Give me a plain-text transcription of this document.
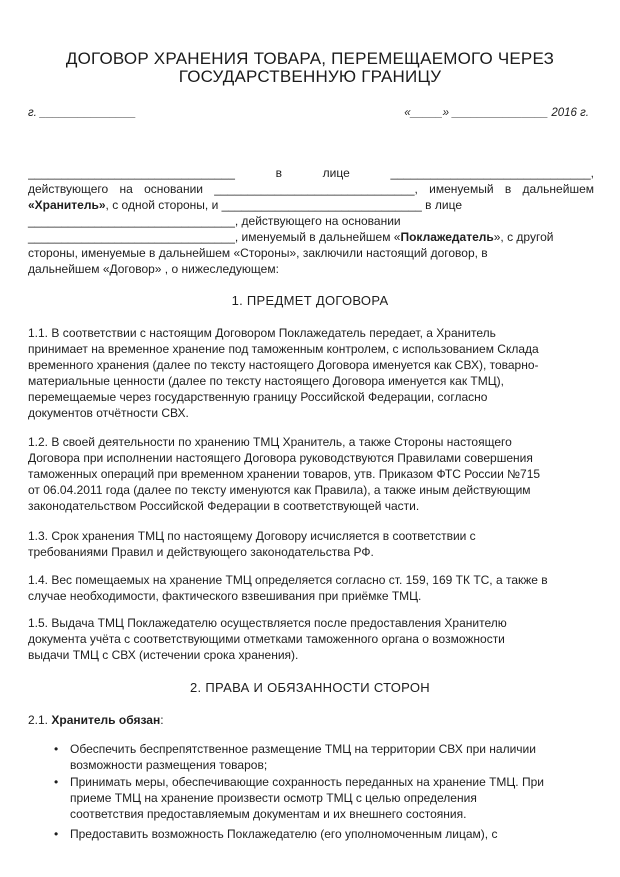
ДОГОВОР ХРАНЕНИЯ ТОВАРА, ПЕРЕМЕЩАЕМОГО ЧЕРЕЗ
ГОСУДАРСТВЕННУЮ ГРАНИЦУ
г. _______________	«_____» _______________ 2016 г.
_______________________________ в лице ______________________________,
действующего на основании ______________________________, именуемый в дальнейшем
«Хранитель», с одной стороны, и ______________________________ в лице
_______________________________, действующего на основании
_______________________________, именуемый в дальнейшем «Поклажедатель», с другой
стороны, именуемые в дальнейшем «Стороны», заключили настоящий договор, в
дальнейшем «Договор» , о нижеследующем:
1. ПРЕДМЕТ ДОГОВОРА
1.1. В соответствии с настоящим Договором Поклажедатель передает, а Хранитель
принимает на временное хранение под таможенным контролем, с использованием Склада
временного хранения (далее по тексту настоящего Договора именуется как СВХ), товарно-
материальные ценности (далее по тексту настоящего Договора именуется как ТМЦ),
перемещаемые через государственную границу Российской Федерации, согласно
документов отчётности СВХ.
1.2. В своей деятельности по хранению ТМЦ Хранитель, а также Стороны настоящего
Договора при исполнении настоящего Договора руководствуются Правилами совершения
таможенных операций при временном хранении товаров, утв. Приказом ФТС России №715
от 06.04.2011 года (далее по тексту именуются как Правила), а также иным действующим
законодательством Российской Федерации в соответствующей части.
1.3. Срок хранения ТМЦ по настоящему Договору исчисляется в соответствии с
требованиями Правил и действующего законодательства РФ.
1.4. Вес помещаемых на хранение ТМЦ определяется согласно ст. 159, 169 ТК ТС, а также в
случае необходимости, фактического взвешивания при приёмке ТМЦ.
1.5. Выдача ТМЦ Поклажедателю осуществляется после предоставления Хранителю
документа учёта с соответствующими отметками таможенного органа о возможности
выдачи ТМЦ с СВХ (истечении срока хранения).
2. ПРАВА И ОБЯЗАННОСТИ СТОРОН
2.1. Хранитель обязан:
• Обеспечить беспрепятственное размещение ТМЦ на территории СВХ при наличии
возможности размещения товаров;
• Принимать меры, обеспечивающие сохранность переданных на хранение ТМЦ. При
приеме ТМЦ на хранение произвести осмотр ТМЦ с целью определения
соответствия предоставляемым документам и их внешнего состояния.
• Предоставить возможность Поклажедателю (его уполномоченным лицам), с
